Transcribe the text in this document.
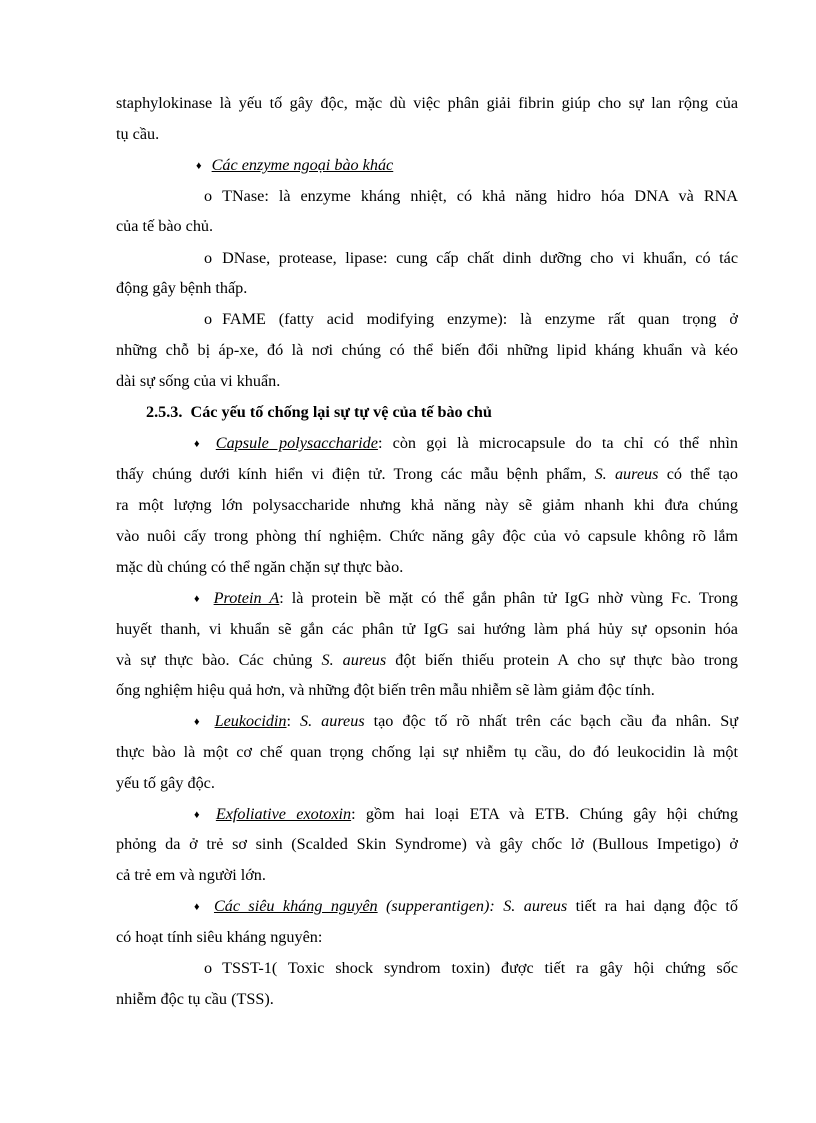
staphylokinase là yếu tố gây độc, mặc dù việc phân giải fibrin giúp cho sự lan rộng của
tụ cầu.
♦ Các enzyme ngoại bào khác
o TNase: là enzyme kháng nhiệt, có khả năng hidro hóa DNA và RNA
của tế bào chủ.
o DNase, protease, lipase: cung cấp chất dinh dưỡng cho vi khuẩn, có tác
động gây bệnh thấp.
o FAME (fatty acid modifying enzyme): là enzyme rất quan trọng ở
những chỗ bị áp-xe, đó là nơi chúng có thể biến đổi những lipid kháng khuẩn và kéo
dài sự sống của vi khuẩn.
2.5.3. Các yếu tố chống lại sự tự vệ của tế bào chủ
♦ Capsule polysaccharide: còn gọi là microcapsule do ta chỉ có thể nhìn
thấy chúng dưới kính hiển vi điện tử. Trong các mẫu bệnh phẩm, S. aureus có thể tạo
ra một lượng lớn polysaccharide nhưng khả năng này sẽ giảm nhanh khi đưa chúng
vào nuôi cấy trong phòng thí nghiệm. Chức năng gây độc của vỏ capsule không rõ lắm
mặc dù chúng có thể ngăn chặn sự thực bào.
♦ Protein A: là protein bề mặt có thể gắn phân tử IgG nhờ vùng Fc. Trong
huyết thanh, vi khuẩn sẽ gắn các phân tử IgG sai hướng làm phá hủy sự opsonin hóa
và sự thực bào. Các chủng S. aureus đột biến thiếu protein A cho sự thực bào trong
ống nghiệm hiệu quả hơn, và những đột biến trên mẫu nhiễm sẽ làm giảm độc tính.
♦ Leukocidin: S. aureus tạo độc tố rõ nhất trên các bạch cầu đa nhân. Sự
thực bào là một cơ chế quan trọng chống lại sự nhiễm tụ cầu, do đó leukocidin là một
yếu tố gây độc.
♦ Exfoliative exotoxin: gồm hai loại ETA và ETB. Chúng gây hội chứng
phỏng da ở trẻ sơ sinh (Scalded Skin Syndrome) và gây chốc lở (Bullous Impetigo) ở
cả trẻ em và người lớn.
♦ Các siêu kháng nguyên (supperantigen): S. aureus tiết ra hai dạng độc tố
có hoạt tính siêu kháng nguyên:
o TSST-1( Toxic shock syndrom toxin) được tiết ra gây hội chứng sốc
nhiễm độc tụ cầu (TSS).
